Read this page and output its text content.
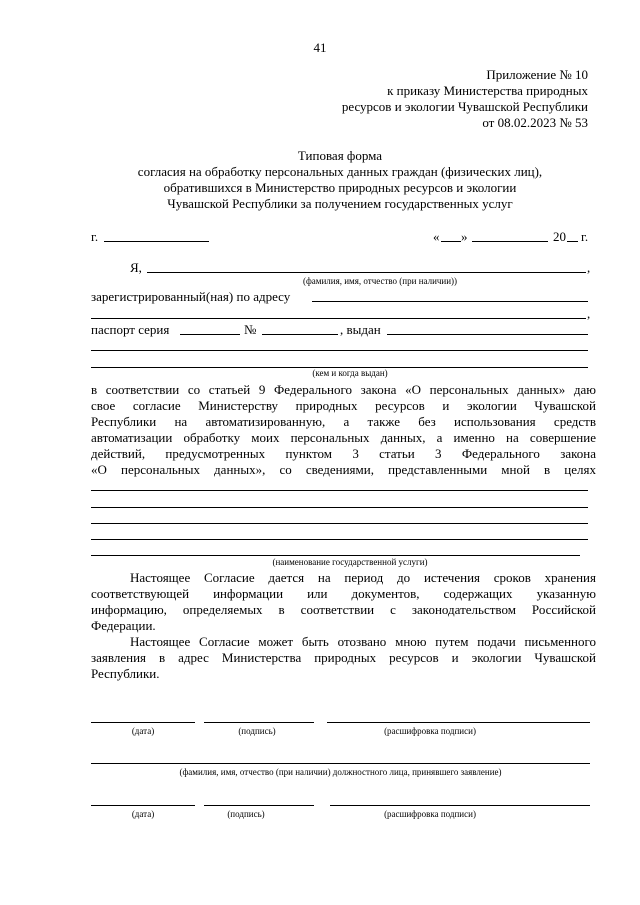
41
Приложение № 10
к приказу Министерства природных
ресурсов и экологии Чувашской Республики
от 08.02.2023 № 53
Типовая форма
согласия на обработку персональных данных граждан (физических лиц),
обратившихся в Министерство природных ресурсов и экологии
Чувашской Республики за получением государственных услуг
г.	« »	20 г.
Я,	,
(фамилия, имя, отчество (при наличии))
зарегистрированный(ная) по адресу
,
паспорт серия	№	, выдан
(кем и когда выдан)
в соответствии со статьей 9 Федерального закона «О персональных данных» даю
свое согласие Министерству природных ресурсов и экологии Чувашской
Республики на автоматизированную, а также без использования средств
автоматизации обработку моих персональных данных, а именно на совершение
действий, предусмотренных пунктом 3 статьи 3 Федерального закона
«О персональных данных», со сведениями, представленными мной в целях
(наименование государственной услуги)
Настоящее Согласие дается на период до истечения сроков хранения
соответствующей информации или документов, содержащих указанную
информацию, определяемых в соответствии с законодательством Российской
Федерации.
Настоящее Согласие может быть отозвано мною путем подачи письменного
заявления в адрес Министерства природных ресурсов и экологии Чувашской
Республики.
(дата)	(подпись)	(расшифровка подписи)
(фамилия, имя, отчество (при наличии) должностного лица, принявшего заявление)
(дата)	(подпись)	(расшифровка подписи)
